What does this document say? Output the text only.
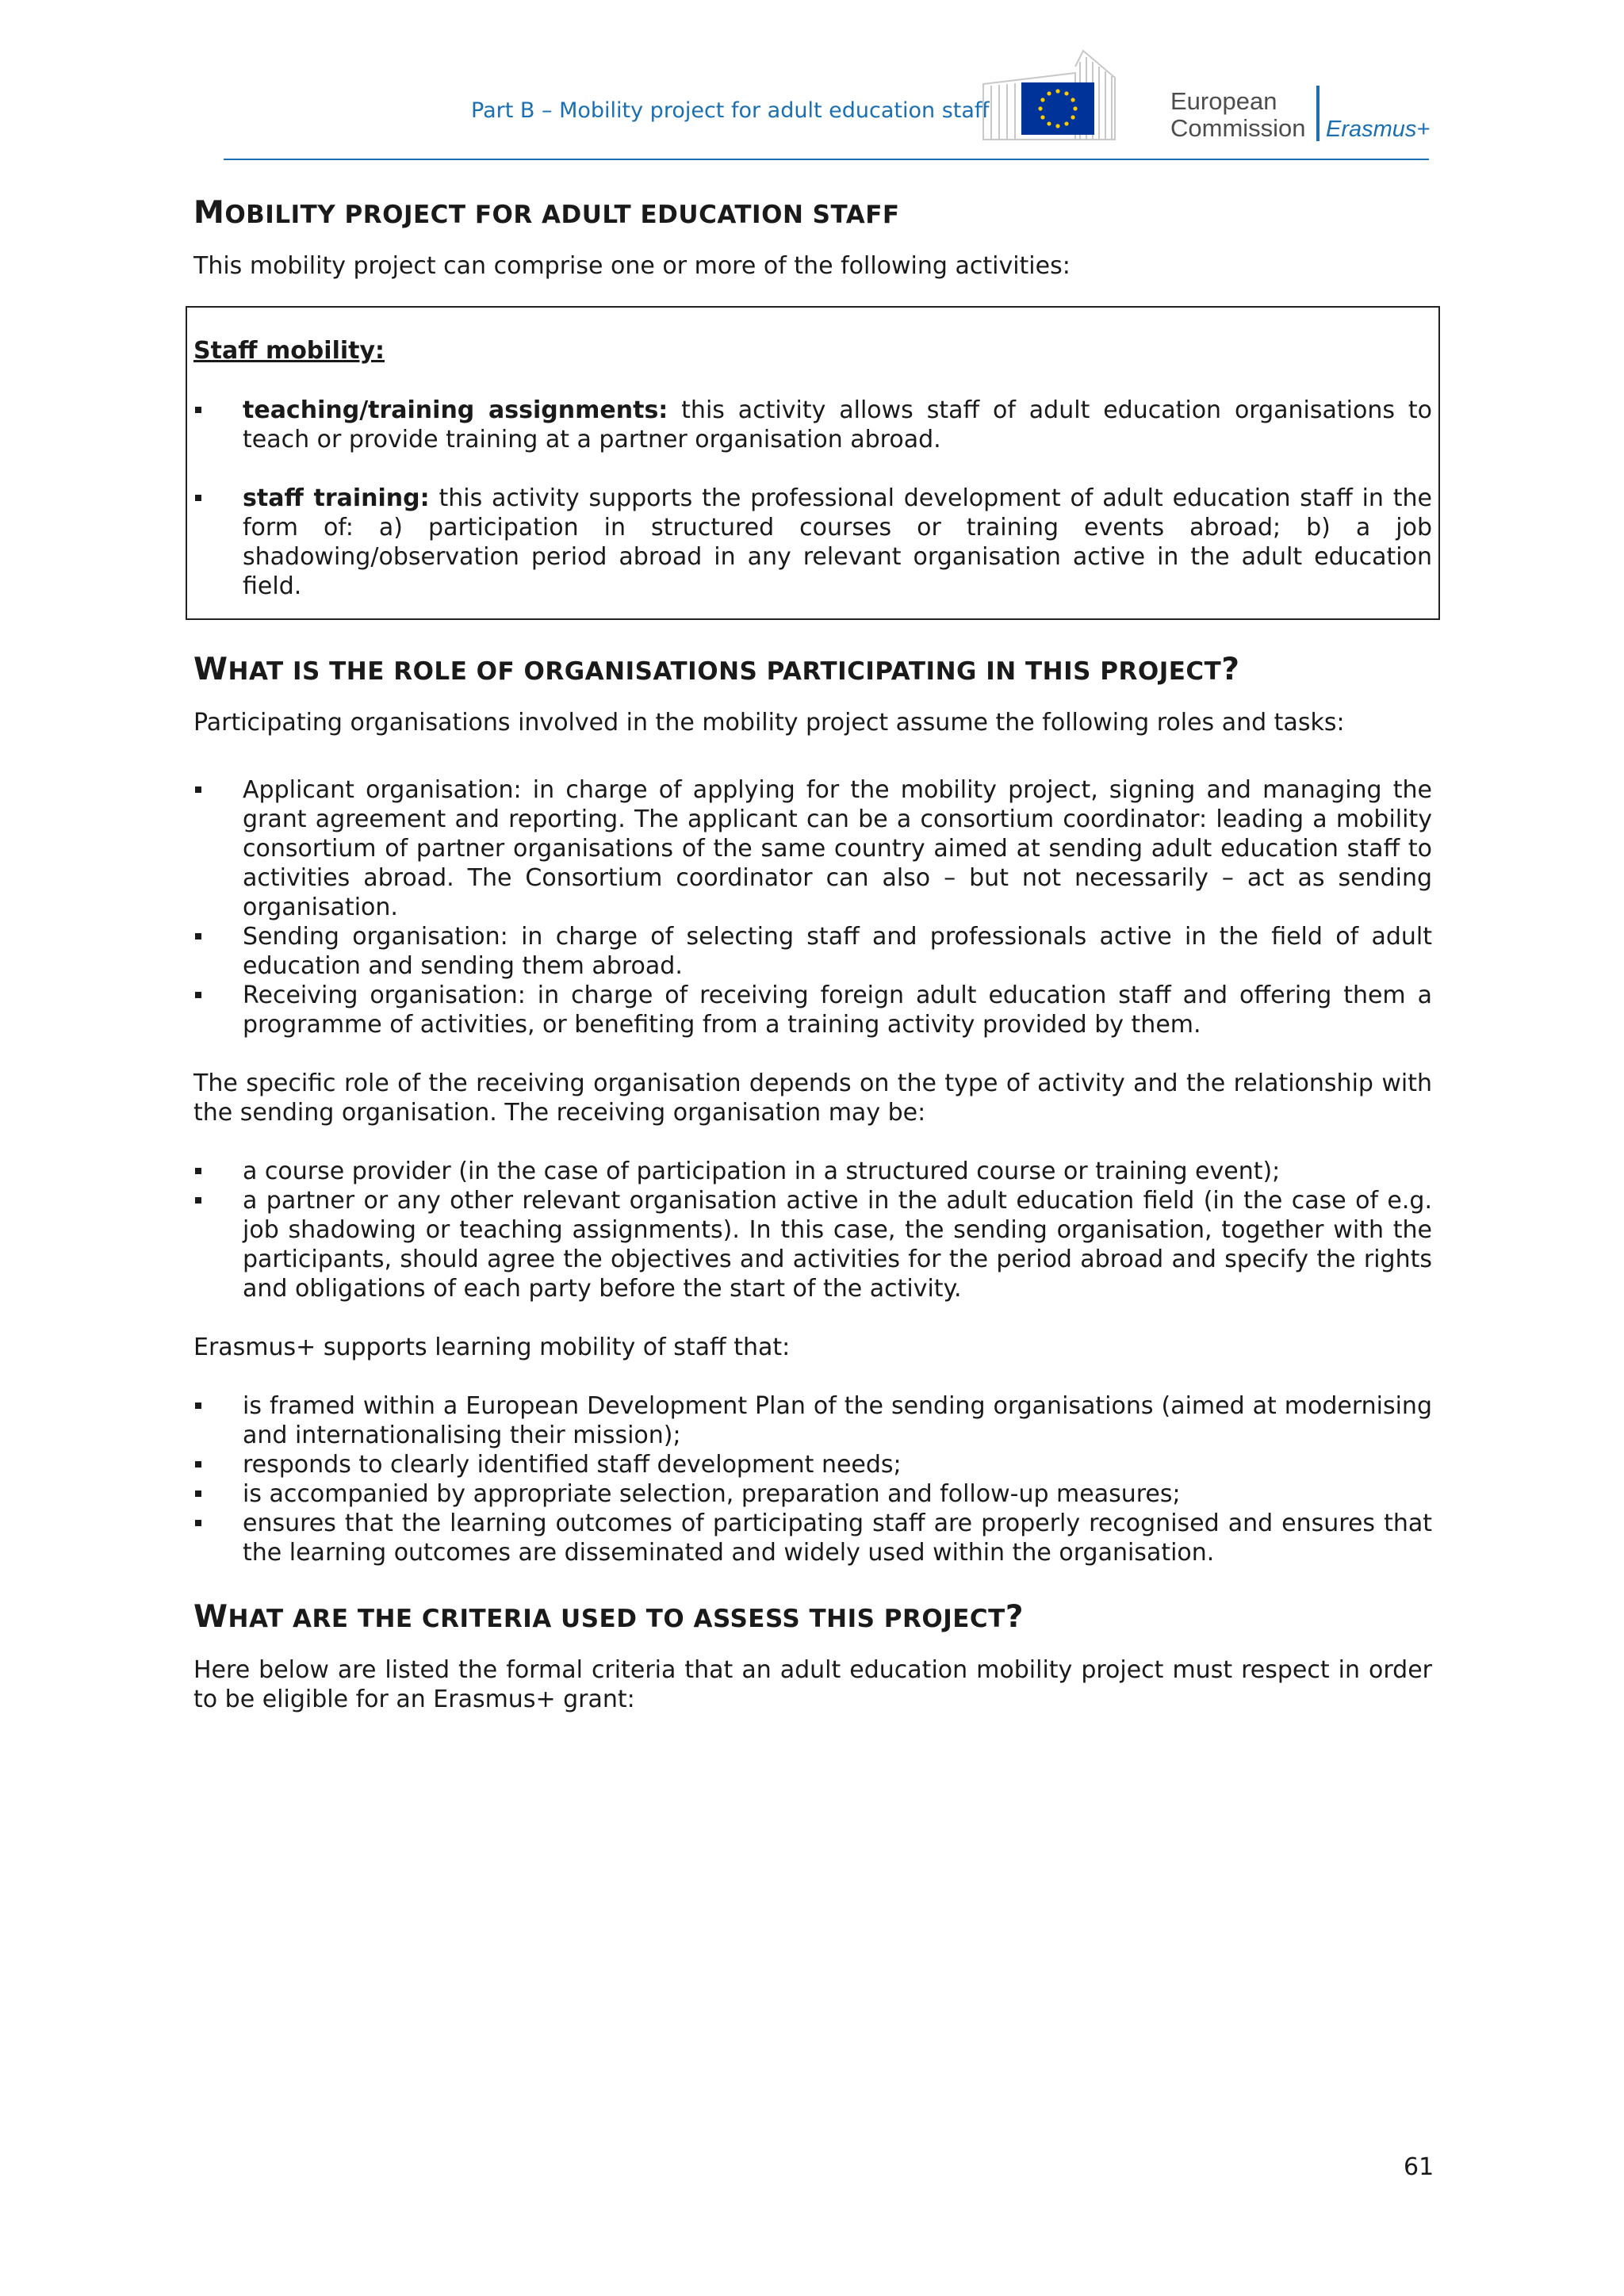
Part B – Mobility project for adult education staff	European
Commission Erasmus+
MOBILITY PROJECT FOR ADULT EDUCATION STAFF

This mobility project can comprise one or more of the following activities:

Staff mobility:
teaching/training assignments: this activity allows staff of adult education organisations to teach or provide training at a partner organisation abroad.
staff training: this activity supports the professional development of adult education staff in the form of: a) participation in structured courses or training events abroad; b) a job shadowing/observation period abroad in any relevant organisation active in the adult education field.
WHAT IS THE ROLE OF ORGANISATIONS PARTICIPATING IN THIS PROJECT?

Participating organisations involved in the mobility project assume the following roles and tasks:

Applicant organisation: in charge of applying for the mobility project, signing and managing the grant agreement and reporting. The applicant can be a consortium coordinator: leading a mobility consortium of partner organisations of the same country aimed at sending adult education staff to activities abroad. The Consortium coordinator can also – but not necessarily – act as sending organisation.
Sending organisation: in charge of selecting staff and professionals active in the field of adult education and sending them abroad.
Receiving organisation: in charge of receiving foreign adult education staff and offering them a programme of activities, or benefiting from a training activity provided by them.

The specific role of the receiving organisation depends on the type of activity and the relationship with the sending organisation. The receiving organisation may be:

a course provider (in the case of participation in a structured course or training event);
a partner or any other relevant organisation active in the adult education field (in the case of e.g. job shadowing or teaching assignments). In this case, the sending organisation, together with the participants, should agree the objectives and activities for the period abroad and specify the rights and obligations of each party before the start of the activity.

Erasmus+ supports learning mobility of staff that:

is framed within a European Development Plan of the sending organisations (aimed at modernising and internationalising their mission);
responds to clearly identified staff development needs;
is accompanied by appropriate selection, preparation and follow-up measures;
ensures that the learning outcomes of participating staff are properly recognised and ensures that the learning outcomes are disseminated and widely used within the organisation.
WHAT ARE THE CRITERIA USED TO ASSESS THIS PROJECT?

Here below are listed the formal criteria that an adult education mobility project must respect in order to be eligible for an Erasmus+ grant:

61
